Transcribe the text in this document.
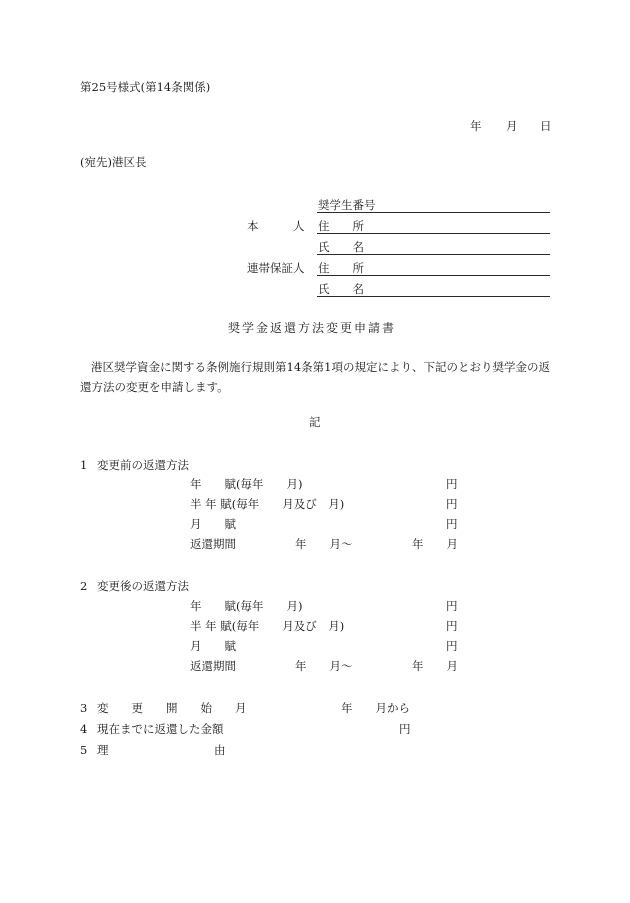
第25号様式(第14条関係)
年 月 日
(宛先)港区長
奨学生番号
本　　　人 住　　所
氏　　名
連帯保証人 住　　所
氏　　名
奨学金返還方法変更申請書
港区奨学資金に関する条例施行規則第14条第1項の規定により、下記のとおり奨学金の返還方法の変更を申請します。
記
1 変更前の返還方法
年　　賦(毎年　　月)	円
半 年 賦(毎年　　月及び　月)	円
月　　賦	円
返還期間	年　　月～	年　　月
2 変更後の返還方法
年　　賦(毎年　　月)	円
半 年 賦(毎年　　月及び　月)	円
月　　賦	円
返還期間	年　　月～	年　　月
3 変　　更　　開　　始　　月	年　　月から
4 現在までに返還した金額	円
5 理	由
